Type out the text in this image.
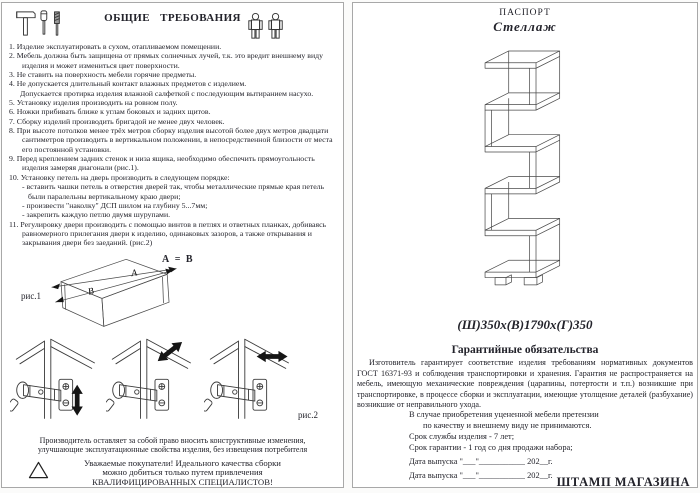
ОБЩИЕ ТРЕБОВАНИЯ
1. Изделие эксплуатировать в сухом, отапливаемом помещении.
2. Мебель должна быть защищена от прямых солнечных лучей, т.к. это вредит внешнему виду изделия и может измениться цвет поверхности.
3. Не ставить на поверхность мебели горячие предметы.
4. Не допускается длительный контакт влажных предметов с изделием.
Допускается протирка изделия влажной салфеткой с последующим вытиранием насухо.
5. Установку изделия производить на ровном полу.
6. Ножки прибивать ближе к углам боковых и задних щитов.
7. Сборку изделий производить бригадой не менее двух человек.
8. При высоте потолков менее трёх метров сборку изделия высотой более двух метров двадцати сантиметров производить в вертикальном положении, в непосредственной близости от места его постоянной установки.
9. Перед креплением задних стенок и низа ящика, необходимо обеспечить прямоугольность изделия замеряя диагонали (рис.1).
10. Установку петель на дверь производить в следующем порядке:
- вставить чашки петель в отверстия дверей так, чтобы металлические прямые края петель были паралельны вертикальному краю двери;
- произвести "наколку" ДСП шилом на глубину 5...7мм;
- закрепить каждую петлю двумя шурупами.
11. Регулировку двери производить с помощью винтов в петлях и ответных планках, добиваясь равномерного прилегания двери к изделию, одинаковых зазоров, а также открывания и закрывания двери без заеданий. (рис.2)
рис.1
А = В
А
В
рис.2
Производитель оставляет за собой право вносить конструктивные изменения,
улучшающие эксплуатационные свойства изделия, без извещения потребителя
Уважаемые покупатели! Идеального качества сборки
можно добиться только путем привлечения
КВАЛИФИЦИРОВАННЫХ СПЕЦИАЛИСТОВ!
ПАСПОРТ
Стеллаж
(Ш)350х(В)1790х(Г)350
Гарантийные обязательства
Изготовитель гарантирует соответствие изделия требованиям нормативных документов ГОСТ 16371-93 и соблюдения транспортировки и хранения. Гарантия не распространяется на мебель, имеющую механические повреждения (царапины, потертости и т.п.) возникшие при транспортировке, в процессе сборки и эксплуатации, имеющие утолщение деталей (разбухание) возникшие от неправильного ухода.
В случае приобретения уцененной мебели претензии
по качеству и внешнему виду не принимаются.
Срок службы изделия - 7 лет;
Срок гарантии - 1 год со дня продажи набора;
Дата выпуска "___"___________ 202__г.
Дата выпуска "___"___________ 202__г. ШТАМП МАГАЗИНА
